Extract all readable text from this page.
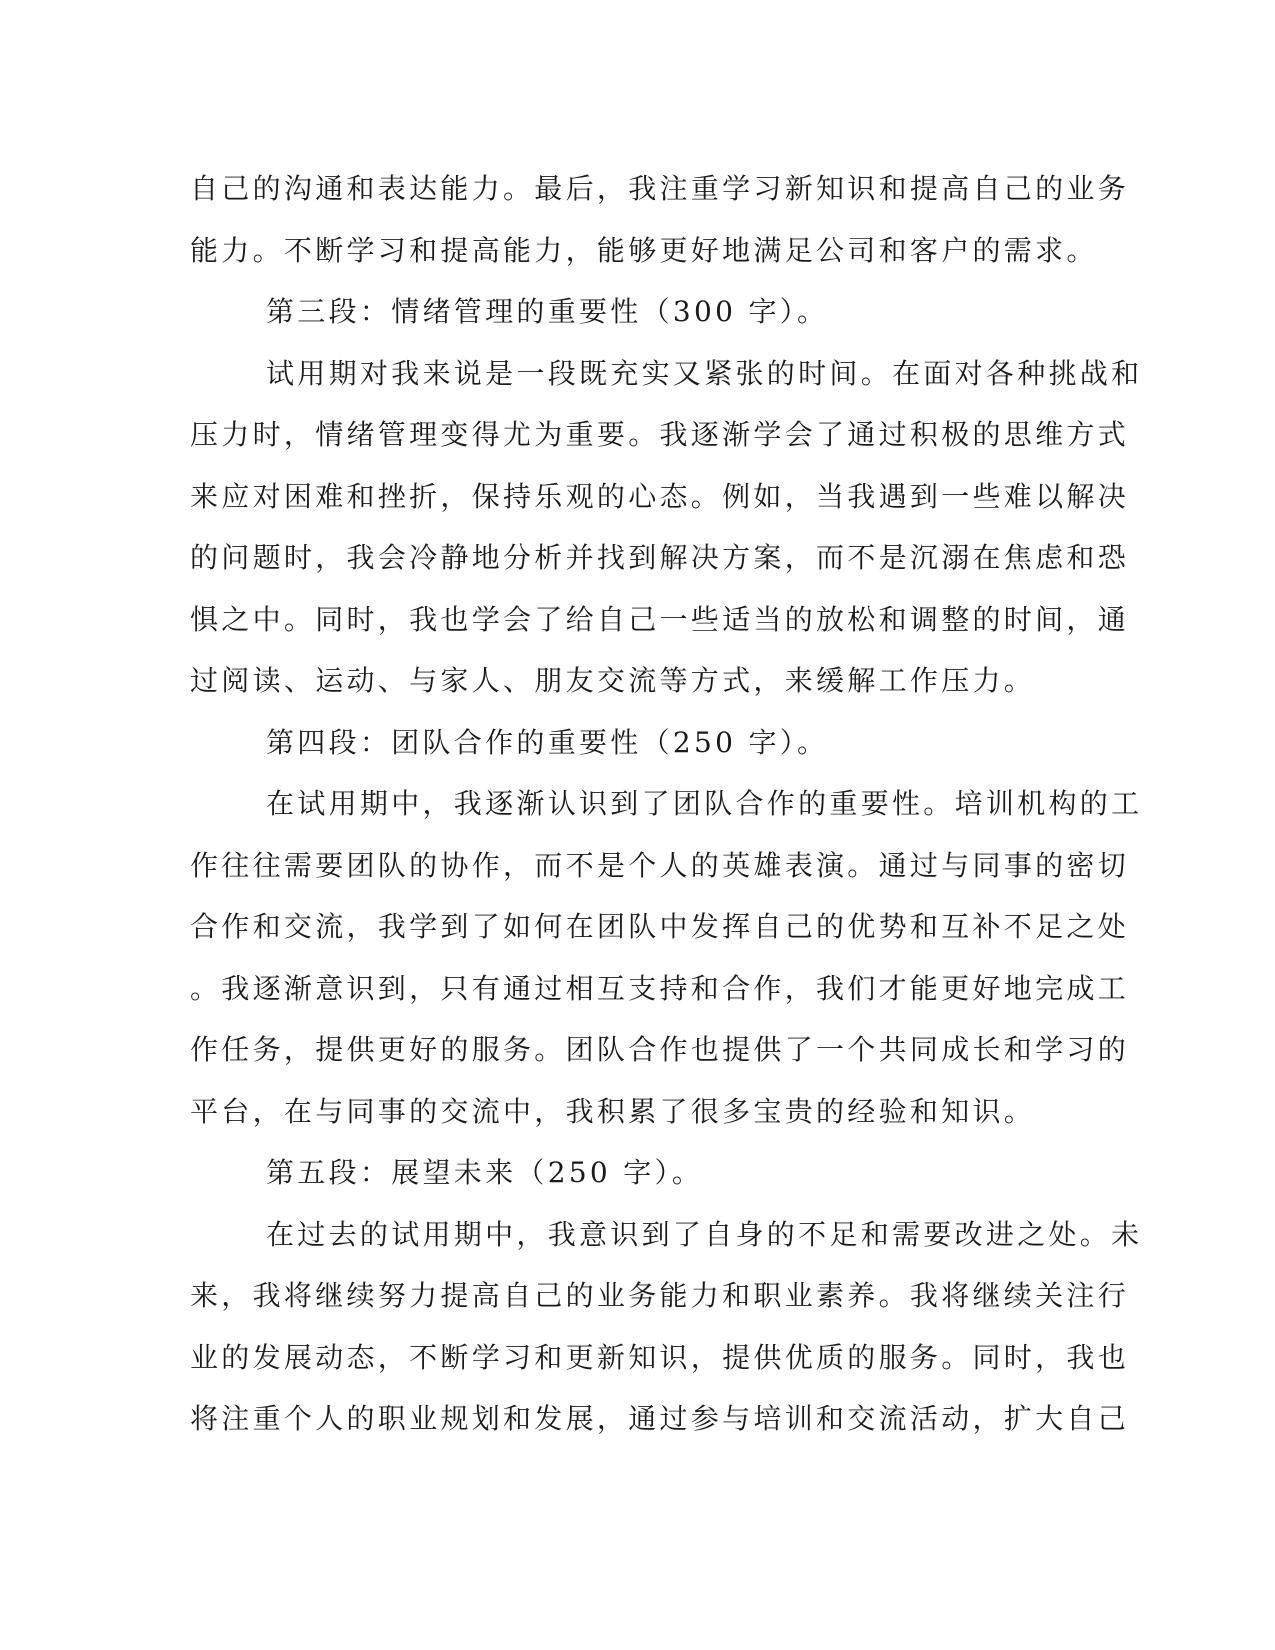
自己的沟通和表达能力。最后，我注重学习新知识和提高自己的业务
能力。不断学习和提高能力，能够更好地满足公司和客户的需求。
第三段：情绪管理的重要性（300 字）。
试用期对我来说是一段既充实又紧张的时间。在面对各种挑战和
压力时，情绪管理变得尤为重要。我逐渐学会了通过积极的思维方式
来应对困难和挫折，保持乐观的心态。例如，当我遇到一些难以解决
的问题时，我会冷静地分析并找到解决方案，而不是沉溺在焦虑和恐
惧之中。同时，我也学会了给自己一些适当的放松和调整的时间，通
过阅读、运动、与家人、朋友交流等方式，来缓解工作压力。
第四段：团队合作的重要性（250 字）。
在试用期中，我逐渐认识到了团队合作的重要性。培训机构的工
作往往需要团队的协作，而不是个人的英雄表演。通过与同事的密切
合作和交流，我学到了如何在团队中发挥自己的优势和互补不足之处
。我逐渐意识到，只有通过相互支持和合作，我们才能更好地完成工
作任务，提供更好的服务。团队合作也提供了一个共同成长和学习的
平台，在与同事的交流中，我积累了很多宝贵的经验和知识。
第五段：展望未来（250 字）。
在过去的试用期中，我意识到了自身的不足和需要改进之处。未
来，我将继续努力提高自己的业务能力和职业素养。我将继续关注行
业的发展动态，不断学习和更新知识，提供优质的服务。同时，我也
将注重个人的职业规划和发展，通过参与培训和交流活动，扩大自己
